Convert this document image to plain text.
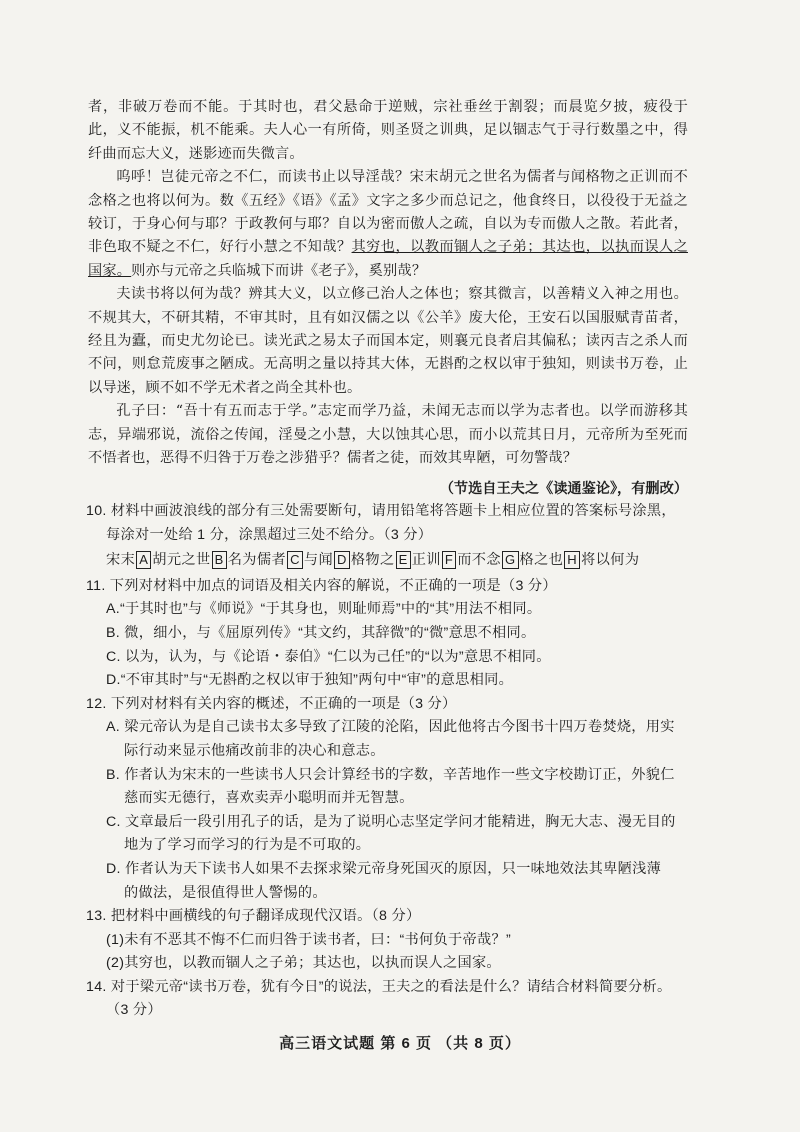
者，非破万卷而不能。于其时也，君父悬命于逆贼，宗社垂丝于割裂；而晨览夕披，疲役于此，义不能振，机不能乘。夫人心一有所倚，则圣贤之训典，足以锢志气于寻行数墨之中，得纤曲而忘大义，迷影迹而失微言。

呜呼！岂徒元帝之不仁，而读书止以导淫哉？宋末胡元之世名为儒者与闻格物之正训而不念格之也将以何为。数《五经》《语》《孟》文字之多少而总记之，他食终日，以役役于无益之较订，于身心何与耶？于政教何与耶？自以为密而傲人之疏，自以为专而傲人之散。若此者，非色取不疑之不仁，好行小慧之不知哉？其穷也，以教而锢人之子弟；其达也，以执而误人之国家。则亦与元帝之兵临城下而讲《老子》，奚别哉？

夫读书将以何为哉？辨其大义，以立修己治人之体也；察其微言，以善精义入神之用也。不规其大，不研其精，不审其时，且有如汉儒之以《公羊》废大伦，王安石以国服赋青苗者，经且为蠹，而史尤勿论已。读光武之易太子而国本定，则襄元良者启其偏私；读丙吉之杀人而不问，则怠荒废事之陋成。无高明之量以持其大体，无斟酌之权以审于独知，则读书万卷，止以导迷，顾不如不学无术者之尚全其朴也。

孔子曰：“吾十有五而志于学。”志定而学乃益，未闻无志而以学为志者也。以学而游移其志，异端邪说，流俗之传闻，淫曼之小慧，大以蚀其心思，而小以荒其日月，元帝所为至死而不悟者也，恶得不归咎于万卷之涉猎乎？儒者之徒，而效其卑陋，可勿警哉？

（节选自王夫之《读通鉴论》，有删改）

10. 材料中画波浪线的部分有三处需要断句，请用铅笔将答题卡上相应位置的答案标号涂黑，

每涂对一处给 1 分，涂黑超过三处不给分。（3 分）

宋末 A 胡元之世 B 名为儒者 C 与闻 D 格物之 E 正训 F 而不念 G 格之也 H 将以何为

11. 下列对材料中加点的词语及相关内容的解说，不正确的一项是（3 分）

A.“于其时也”与《师说》“于其身也，则耻师焉”中的“其”用法不相同。

B. 微，细小，与《屈原列传》“其文约，其辞微”的“微”意思不相同。

C. 以为，认为，与《论语・泰伯》“仁以为己任”的“以为”意思不相同。

D.“不审其时”与“无斟酌之权以审于独知”两句中“审”的意思相同。

12. 下列对材料有关内容的概述，不正确的一项是（3 分）

A. 梁元帝认为是自己读书太多导致了江陵的沦陷，因此他将古今图书十四万卷焚烧，用实

际行动来显示他痛改前非的决心和意志。

B. 作者认为宋末的一些读书人只会计算经书的字数，辛苦地作一些文字校勘订正，外貌仁

慈而实无德行，喜欢卖弄小聪明而并无智慧。

C. 文章最后一段引用孔子的话，是为了说明心志坚定学问才能精进，胸无大志、漫无目的

地为了学习而学习的行为是不可取的。

D. 作者认为天下读书人如果不去探求梁元帝身死国灭的原因，只一味地效法其卑陋浅薄

的做法，是很值得世人警惕的。

13. 把材料中画横线的句子翻译成现代汉语。（8 分）

(1)未有不恶其不悔不仁而归咎于读书者，曰：“书何负于帝哉？”

(2)其穷也，以教而锢人之子弟；其达也，以执而误人之国家。

14. 对于梁元帝“读书万卷，犹有今日”的说法，王夫之的看法是什么？请结合材料简要分析。

（3 分）

高三语文试题 第 6 页 （共 8 页）
